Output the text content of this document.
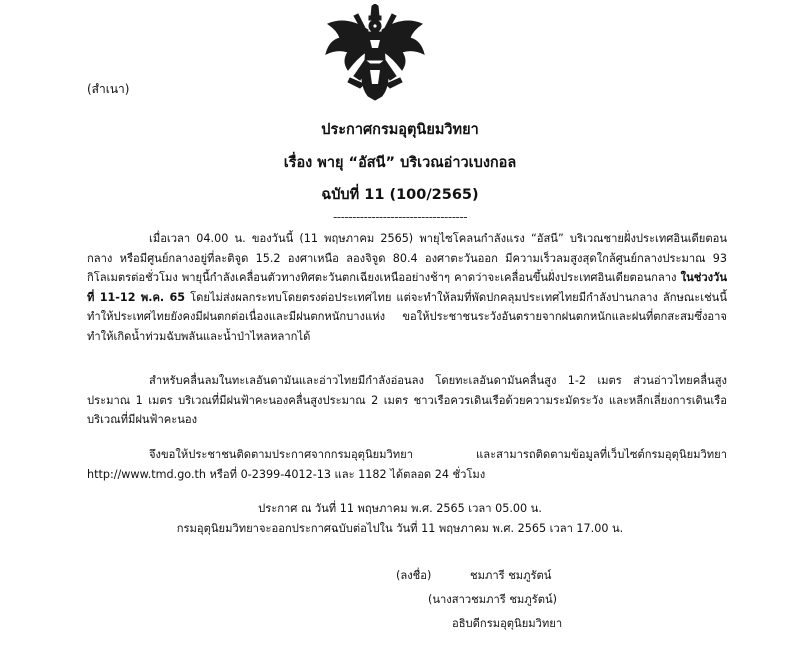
(สำเนา)
ประกาศกรมอุตุนิยมวิทยา
เรื่อง พายุ “อัสนี” บริเวณอ่าวเบงกอล
ฉบับที่ 11 (100/2565)
-----------------------------------
เมื่อเวลา 04.00 น. ของวันนี้ (11 พฤษภาคม 2565) พายุไซโคลนกำลังแรง “อัสนี” บริเวณชายฝั่งประเทศอินเดียตอนกลาง หรือมีศูนย์กลางอยู่ที่ละติจูด 15.2 องศาเหนือ ลองจิจูด 80.4 องศาตะวันออก มีความเร็วลมสูงสุดใกล้ศูนย์กลางประมาณ 93 กิโลเมตรต่อชั่วโมง พายุนี้กำลังเคลื่อนตัวทางทิศตะวันตกเฉียงเหนืออย่างช้าๆ คาดว่าจะเคลื่อนขึ้นฝั่งประเทศอินเดียตอนกลาง ในช่วงวันที่ 11-12 พ.ค. 65 โดยไม่ส่งผลกระทบโดยตรงต่อประเทศไทย แต่จะทำให้ลมที่พัดปกคลุมประเทศไทยมีกำลังปานกลาง ลักษณะเช่นนี้ทำให้ประเทศไทยยังคงมีฝนตกต่อเนื่องและมีฝนตกหนักบางแห่ง ขอให้ประชาชนระวังอันตรายจากฝนตกหนักและฝนที่ตกสะสมซึ่งอาจทำให้เกิดน้ำท่วมฉับพลันและน้ำป่าไหลหลากได้
สำหรับคลื่นลมในทะเลอันดามันและอ่าวไทยมีกำลังอ่อนลง โดยทะเลอันดามันคลื่นสูง 1-2 เมตร ส่วนอ่าวไทยคลื่นสูงประมาณ 1 เมตร บริเวณที่มีฝนฟ้าคะนองคลื่นสูงประมาณ 2 เมตร ชาวเรือควรเดินเรือด้วยความระมัดระวัง และหลีกเลี่ยงการเดินเรือบริเวณที่มีฝนฟ้าคะนอง
จึงขอให้ประชาชนติดตามประกาศจากกรมอุตุนิยมวิทยา และสามารถติดตามข้อมูลที่เว็บไซต์กรมอุตุนิยมวิทยา http://www.tmd.go.th หรือที่ 0-2399-4012-13 และ 1182 ได้ตลอด 24 ชั่วโมง
ประกาศ ณ วันที่ 11 พฤษภาคม พ.ศ. 2565 เวลา 05.00 น.
กรมอุตุนิยมวิทยาจะออกประกาศฉบับต่อไปใน วันที่ 11 พฤษภาคม พ.ศ. 2565 เวลา 17.00 น.
(ลงชื่อ)	ชมภารี ชมภูรัตน์
(นางสาวชมภารี ชมภูรัตน์)
อธิบดีกรมอุตุนิยมวิทยา
